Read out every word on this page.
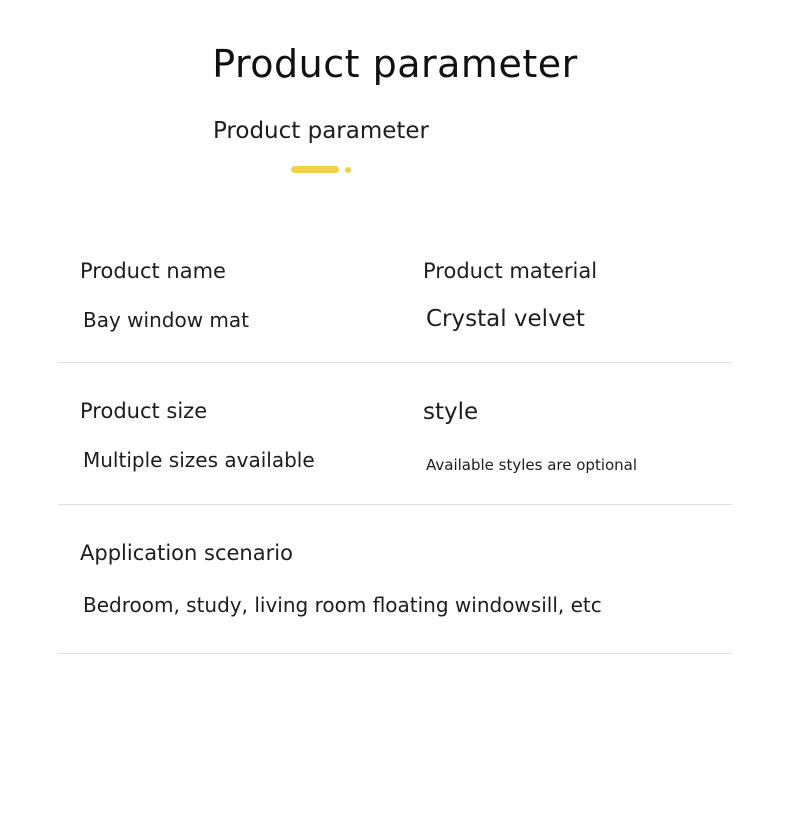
Product parameter
Product parameter
Product name
Bay window mat
Product material
Crystal velvet
Product size
Multiple sizes available
style
Available styles are optional
Application scenario
Bedroom, study, living room floating windowsill, etc
